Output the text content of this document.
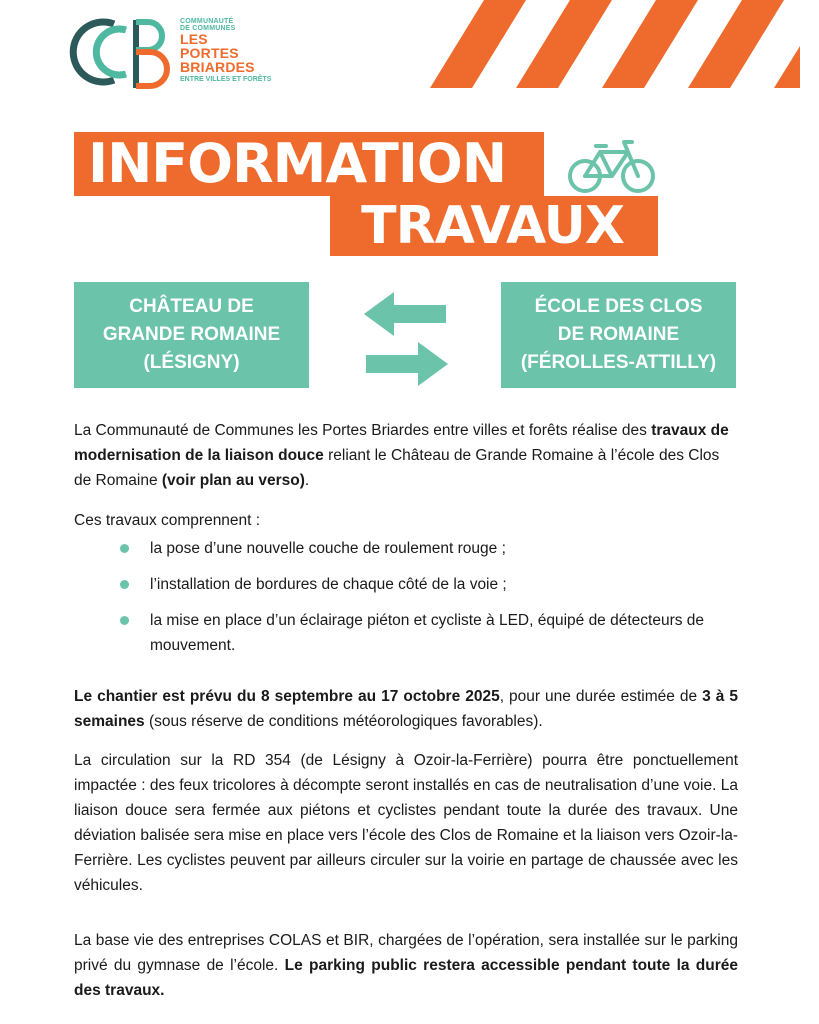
COMMUNAUTÉ
DE COMMUNES
LES
PORTES
BRIARDES
ENTRE VILLES ET FORÊTS
INFORMATION
TRAVAUX
CHÂTEAU DE
GRANDE ROMAINE
(LÉSIGNY)
ÉCOLE DES CLOS
DE ROMAINE
(FÉROLLES-ATTILLY)

La Communauté de Communes les Portes Briardes entre villes et forêts réalise des travaux de modernisation de la liaison douce reliant le Château de Grande Romaine à l’école des Clos de Romaine (voir plan au verso).

Ces travaux comprennent :

la pose d’une nouvelle couche de roulement rouge ;
l’installation de bordures de chaque côté de la voie ;
la mise en place d’un éclairage piéton et cycliste à LED, équipé de détecteurs de mouvement.

Le chantier est prévu du 8 septembre au 17 octobre 2025, pour une durée estimée de 3 à 5 semaines (sous réserve de conditions météorologiques favorables).

La circulation sur la RD 354 (de Lésigny à Ozoir-la-Ferrière) pourra être ponctuellement impactée : des feux tricolores à décompte seront installés en cas de neutralisation d’une voie. La liaison douce sera fermée aux piétons et cyclistes pendant toute la durée des travaux. Une déviation balisée sera mise en place vers l’école des Clos de Romaine et la liaison vers Ozoir-la-Ferrière. Les cyclistes peuvent par ailleurs circuler sur la voirie en partage de chaussée avec les véhicules.

La base vie des entreprises COLAS et BIR, chargées de l’opération, sera installée sur le parking privé du gymnase de l’école. Le parking public restera accessible pendant toute la durée des travaux.
